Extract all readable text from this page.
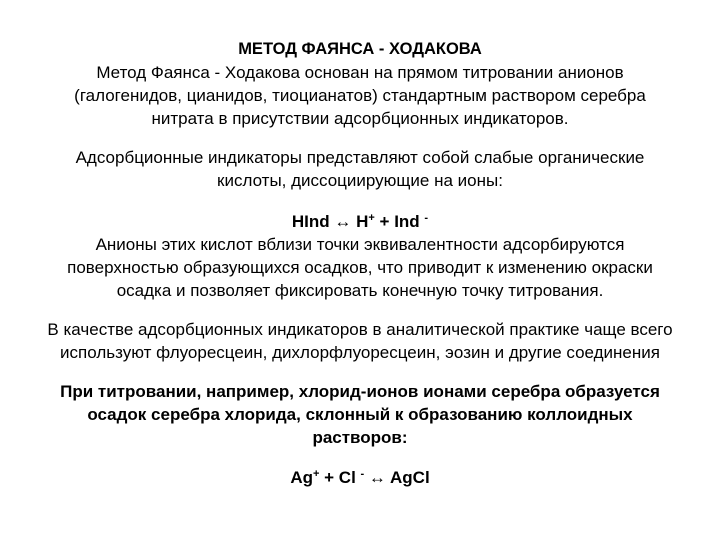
МЕТОД ФАЯНСА - ХОДАКОВА
Метод Фаянса - Ходакова основан на прямом титровании анионов
(галогенидов, цианидов, тиоцианатов) стандартным раствором серебра
нитрата в присутствии адсорбционных индикаторов.
Адсорбционные индикаторы представляют собой слабые органические
кислоты, диссоциирующие на ионы:
HInd ↔ H+ + Ind -
Анионы этих кислот вблизи точки эквивалентности адсорбируются
поверхностью образующихся осадков, что приводит к изменению окраски
осадка и позволяет фиксировать конечную точку титрования.
В качестве адсорбционных индикаторов в аналитической практике чаще всего
используют флуоресцеин, дихлорфлуоресцеин, эозин и другие соединения
При титровании, например, хлорид-ионов ионами серебра образуется
осадок серебра хлорида, склонный к образованию коллоидных
растворов:
Ag+ + Cl - ↔ AgCl
